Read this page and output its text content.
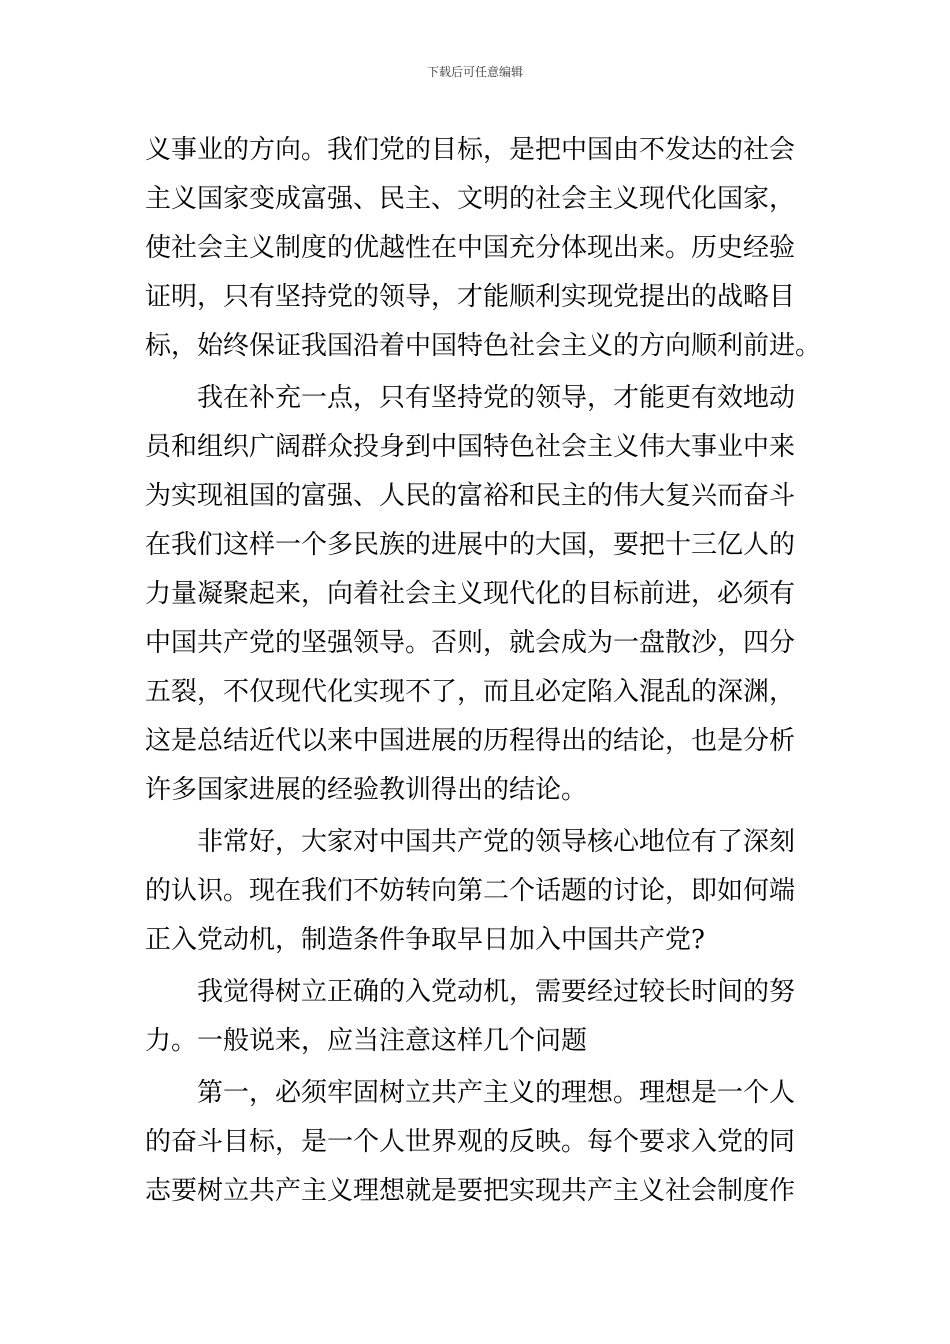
下载后可任意编辑
义事业的方向。我们党的目标，是把中国由不发达的社会
主义国家变成富强、民主、文明的社会主义现代化国家，
使社会主义制度的优越性在中国充分体现出来。历史经验
证明，只有坚持党的领导，才能顺利实现党提出的战略目
标，始终保证我国沿着中国特色社会主义的方向顺利前进。
　　我在补充一点，只有坚持党的领导，才能更有效地动
员和组织广阔群众投身到中国特色社会主义伟大事业中来
为实现祖国的富强、人民的富裕和民主的伟大复兴而奋斗
在我们这样一个多民族的进展中的大国，要把十三亿人的
力量凝聚起来，向着社会主义现代化的目标前进，必须有
中国共产党的坚强领导。否则，就会成为一盘散沙，四分
五裂，不仅现代化实现不了，而且必定陷入混乱的深渊，
这是总结近代以来中国进展的历程得出的结论，也是分析
许多国家进展的经验教训得出的结论。
　　非常好，大家对中国共产党的领导核心地位有了深刻
的认识。现在我们不妨转向第二个话题的讨论，即如何端
正入党动机，制造条件争取早日加入中国共产党?
　　我觉得树立正确的入党动机，需要经过较长时间的努
力。一般说来，应当注意这样几个问题
　　第一，必须牢固树立共产主义的理想。理想是一个人
的奋斗目标，是一个人世界观的反映。每个要求入党的同
志要树立共产主义理想就是要把实现共产主义社会制度作
